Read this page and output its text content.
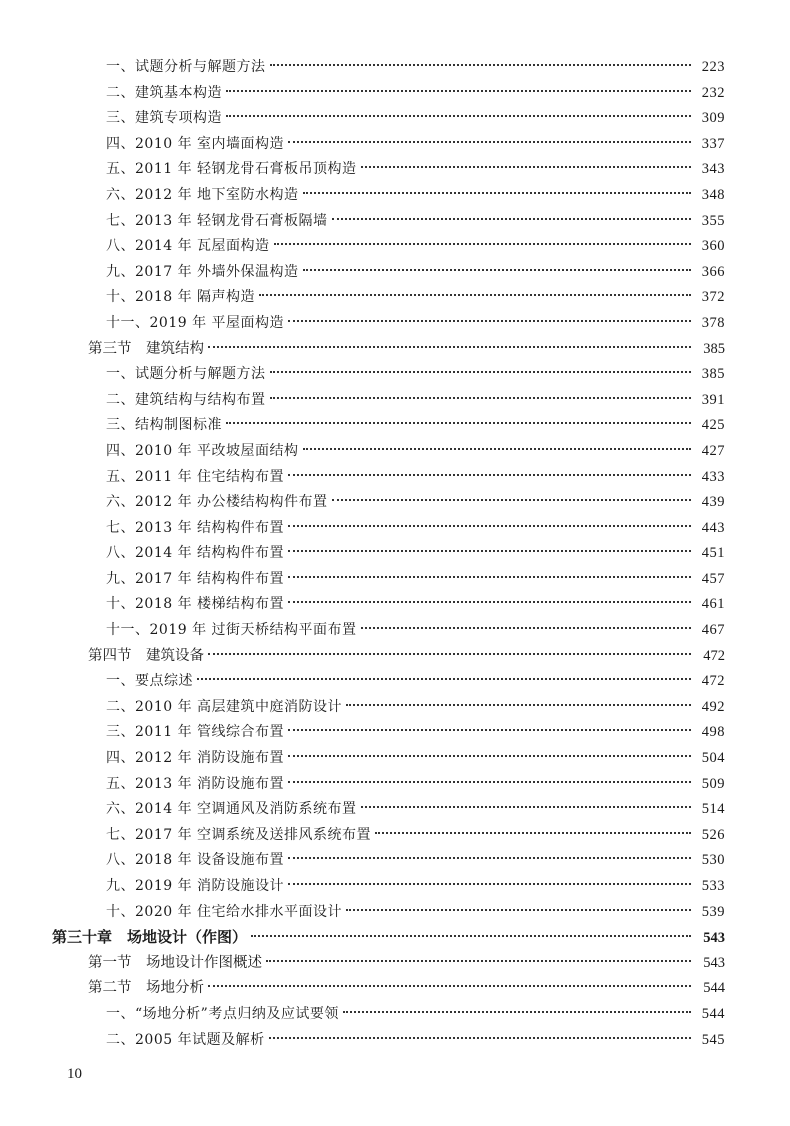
一、试题分析与解题方法	223
二、建筑基本构造	232
三、建筑专项构造	309
四、2010 年 室内墙面构造	337
五、2011 年 轻钢龙骨石膏板吊顶构造	343
六、2012 年 地下室防水构造	348
七、2013 年 轻钢龙骨石膏板隔墙	355
八、2014 年 瓦屋面构造	360
九、2017 年 外墙外保温构造	366
十、2018 年 隔声构造	372
十一、2019 年 平屋面构造	378
第三节　建筑结构	385
一、试题分析与解题方法	385
二、建筑结构与结构布置	391
三、结构制图标准	425
四、2010 年 平改坡屋面结构	427
五、2011 年 住宅结构布置	433
六、2012 年 办公楼结构构件布置	439
七、2013 年 结构构件布置	443
八、2014 年 结构构件布置	451
九、2017 年 结构构件布置	457
十、2018 年 楼梯结构布置	461
十一、2019 年 过街天桥结构平面布置	467
第四节　建筑设备	472
一、要点综述	472
二、2010 年 高层建筑中庭消防设计	492
三、2011 年 管线综合布置	498
四、2012 年 消防设施布置	504
五、2013 年 消防设施布置	509
六、2014 年 空调通风及消防系统布置	514
七、2017 年 空调系统及送排风系统布置	526
八、2018 年 设备设施布置	530
九、2019 年 消防设施设计	533
十、2020 年 住宅给水排水平面设计	539
第三十章　场地设计（作图）	543
第一节　场地设计作图概述	543
第二节　场地分析	544
一、“场地分析”考点归纳及应试要领	544
二、2005 年试题及解析	545
10
